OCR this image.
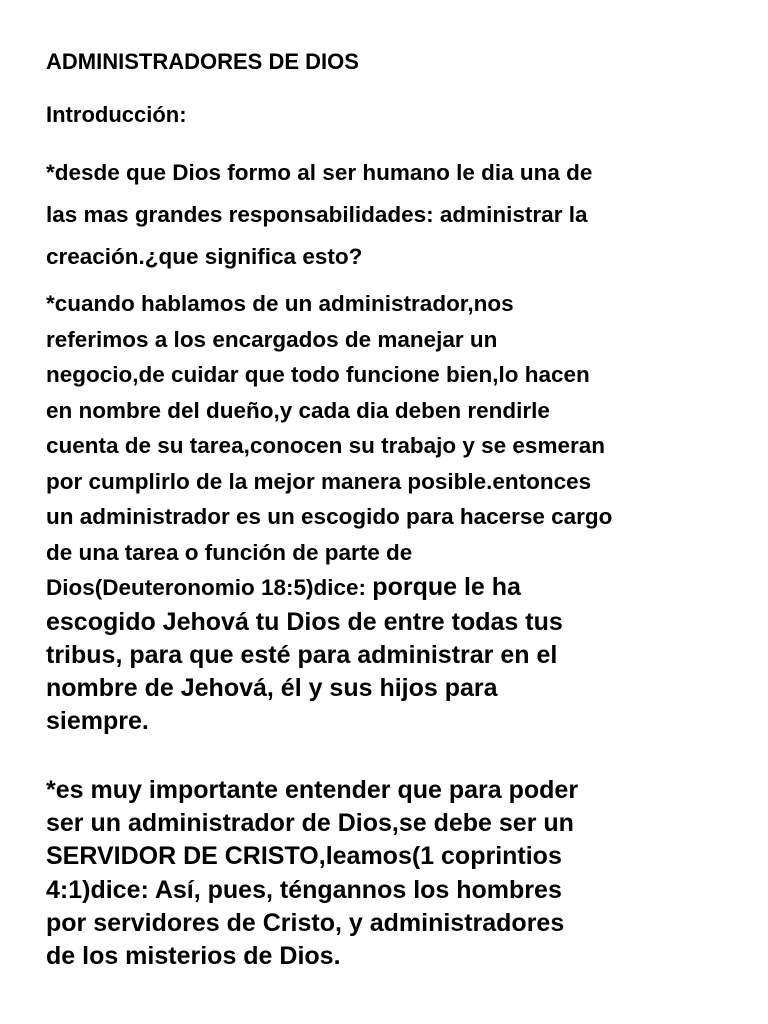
ADMINISTRADORES DE DIOS
Introducción:
*desde que Dios formo al ser humano le dia una de
las mas grandes responsabilidades: administrar la
creación.¿que significa esto?
*cuando hablamos de un administrador,nos
referimos a los encargados de manejar un
negocio,de cuidar que todo funcione bien,lo hacen
en nombre del dueño,y cada dia deben rendirle
cuenta de su tarea,conocen su trabajo y se esmeran
por cumplirlo de la mejor manera posible.entonces
un administrador es un escogido para hacerse cargo
de una tarea o función de parte de
Dios(Deuteronomio 18:5)dice: porque le ha
escogido Jehová tu Dios de entre todas tus
tribus, para que esté para administrar en el
nombre de Jehová, él y sus hijos para
siempre.
*es muy importante entender que para poder
ser un administrador de Dios,se debe ser un
SERVIDOR DE CRISTO,leamos(1 coprintios
4:1)dice: Así, pues, téngannos los hombres
por servidores de Cristo, y administradores
de los misterios de Dios.
